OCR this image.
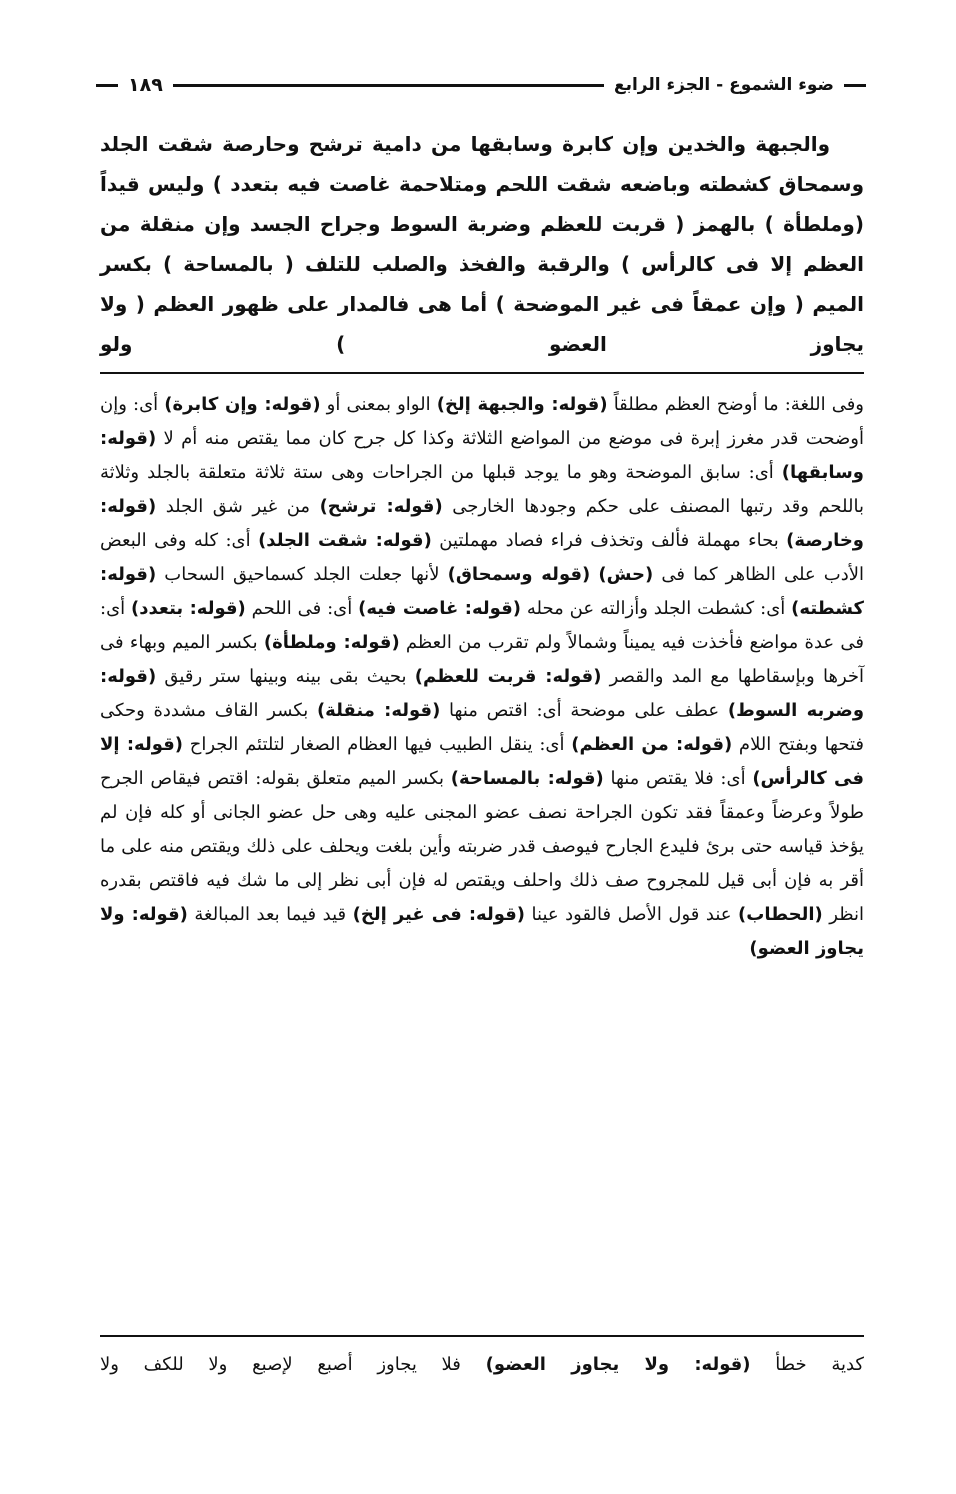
ضوء الشموع - الجزء الرابع
١٨٩

والجبهة والخدين وإن كابرة وسابقها من دامية ترشح وحارصة شقت الجلد وسمحاق كشطته وباضعه شقت اللحم ومتلاحمة غاصت فيه بتعدد ) وليس قيداً (وملطأة ) بالهمز ( قربت للعظم وضربة السوط وجراح الجسد وإن منقلة من العظم إلا فى كالرأس ) والرقبة والفخذ والصلب للتلف ( بالمساحة ) بكسر الميم ( وإن عمقاً فى غير الموضحة ) أما هى فالمدار على ظهور العظم ( ولا يجاوز العضو ) ولو

وفى اللغة: ما أوضح العظم مطلقاً (قوله: والجبهة إلخ) الواو بمعنى أو (قوله: وإن كابرة) أى: وإن أوضحت قدر مغرز إبرة فى موضع من المواضع الثلاثة وكذا كل جرح كان مما يقتص منه أم لا (قوله: وسابقها) أى: سابق الموضحة وهو ما يوجد قبلها من الجراحات وهى ستة ثلاثة متعلقة بالجلد وثلاثة باللحم وقد رتبها المصنف على حكم وجودها الخارجى (قوله: ترشح) من غير شق الجلد (قوله: وخارصة) بحاء مهملة فألف وتخذف فراء فصاد مهملتين (قوله: شقت الجلد) أى: كله وفى البعض الأدب على الظاهر كما فى (حش) (قوله وسمحاق) لأنها جعلت الجلد كسماحيق السحاب (قوله: كشطته) أى: كشطت الجلد وأزالته عن محله (قوله: غاصت فيه) أى: فى اللحم (قوله: بتعدد) أى: فى عدة مواضع فأخذت فيه يميناً وشمالاً ولم تقرب من العظم (قوله: وملطأة) بكسر الميم وبهاء فى آخرها وبإسقاطها مع المد والقصر (قوله: قربت للعظم) بحيث بقى بينه وبينها ستر رقيق (قوله: وضربه السوط) عطف على موضحة أى: اقتص منها (قوله: منقلة) بكسر القاف مشددة وحكى فتحها وبفتح اللام (قوله: من العظم) أى: ينقل الطبيب فيها العظام الصغار لتلتئم الجراح (قوله: إلا فى كالرأس) أى: فلا يقتص منها (قوله: بالمساحة) بكسر الميم متعلق بقوله: اقتص فيقاص الجرح طولاً وعرضاً وعمقاً فقد تكون الجراحة نصف عضو المجنى عليه وهى حل عضو الجانى أو كله فإن لم يؤخذ قياسه حتى برئ فليدع الجارح فيوصف قدر ضربته وأين بلغت ويحلف على ذلك ويقتص منه على ما أقر به فإن أبى قيل للمجروح صف ذلك واحلف ويقتص له فإن أبى نظر إلى ما شك فيه فاقتص بقدره انظر (الحطاب) عند قول الأصل فالقود عينا (قوله: فى غير إلخ) قيد فيما بعد المبالغة (قوله: ولا يجاوز العضو)
كدية خطأ (قوله: ولا يجاوز العضو) فلا يجاوز أصبع لإصبع ولا للكف ولا
